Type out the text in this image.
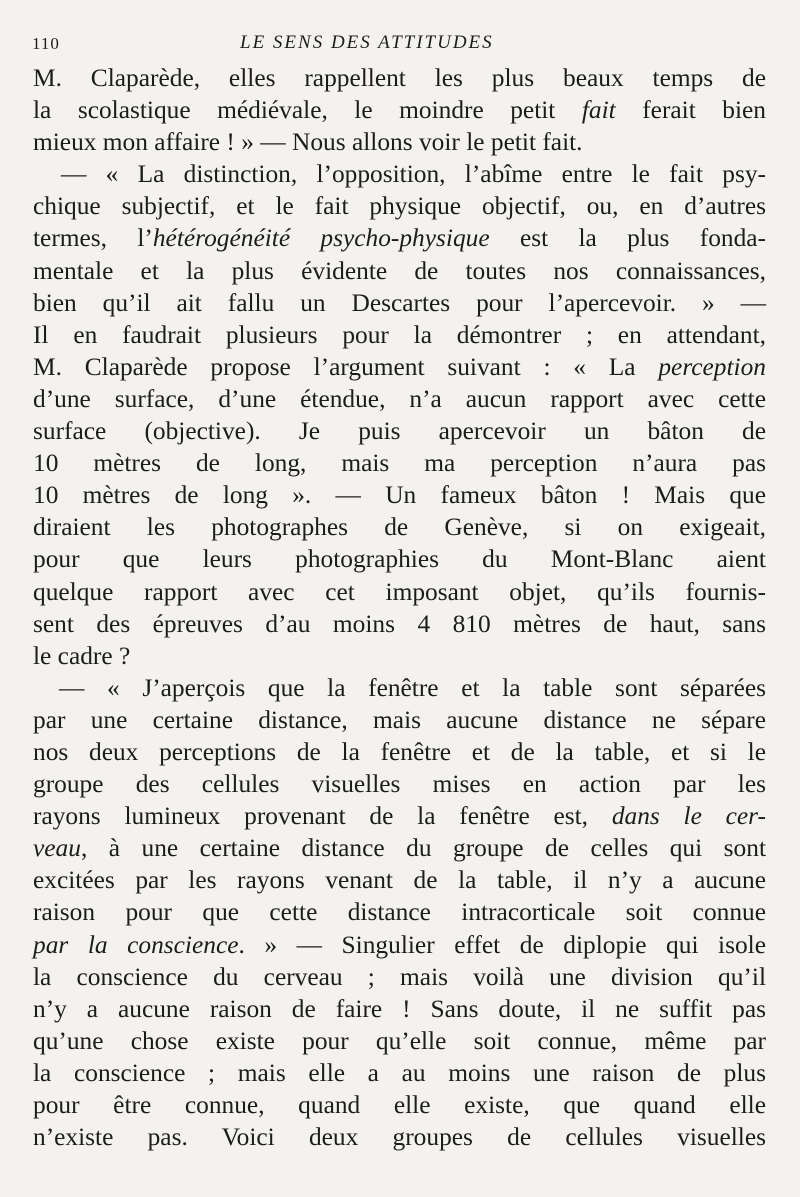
110	LE SENS DES ATTITUDES
M. Claparède, elles rappellent les plus beaux temps de
la scolastique médiévale, le moindre petit fait ferait bien
mieux mon affaire ! » — Nous allons voir le petit fait.
— « La distinction, l’opposition, l’abîme entre le fait psy-
chique subjectif, et le fait physique objectif, ou, en d’autres
termes, l’hétérogénéité psycho-physique est la plus fonda-
mentale et la plus évidente de toutes nos connaissances,
bien qu’il ait fallu un Descartes pour l’apercevoir. » —
Il en faudrait plusieurs pour la démontrer ; en attendant,
M. Claparède propose l’argument suivant : « La perception
d’une surface, d’une étendue, n’a aucun rapport avec cette
surface (objective). Je puis apercevoir un bâton de
10 mètres de long, mais ma perception n’aura pas
10 mètres de long ». — Un fameux bâton ! Mais que
diraient les photographes de Genève, si on exigeait,
pour que leurs photographies du Mont-Blanc aient
quelque rapport avec cet imposant objet, qu’ils fournis-
sent des épreuves d’au moins 4 810 mètres de haut, sans
le cadre ?
— « J’aperçois que la fenêtre et la table sont séparées
par une certaine distance, mais aucune distance ne sépare
nos deux perceptions de la fenêtre et de la table, et si le
groupe des cellules visuelles mises en action par les
rayons lumineux provenant de la fenêtre est, dans le cer-
veau, à une certaine distance du groupe de celles qui sont
excitées par les rayons venant de la table, il n’y a aucune
raison pour que cette distance intracorticale soit connue
par la conscience. » — Singulier effet de diplopie qui isole
la conscience du cerveau ; mais voilà une division qu’il
n’y a aucune raison de faire ! Sans doute, il ne suffit pas
qu’une chose existe pour qu’elle soit connue, même par
la conscience ; mais elle a au moins une raison de plus
pour être connue, quand elle existe, que quand elle
n’existe pas. Voici deux groupes de cellules visuelles
